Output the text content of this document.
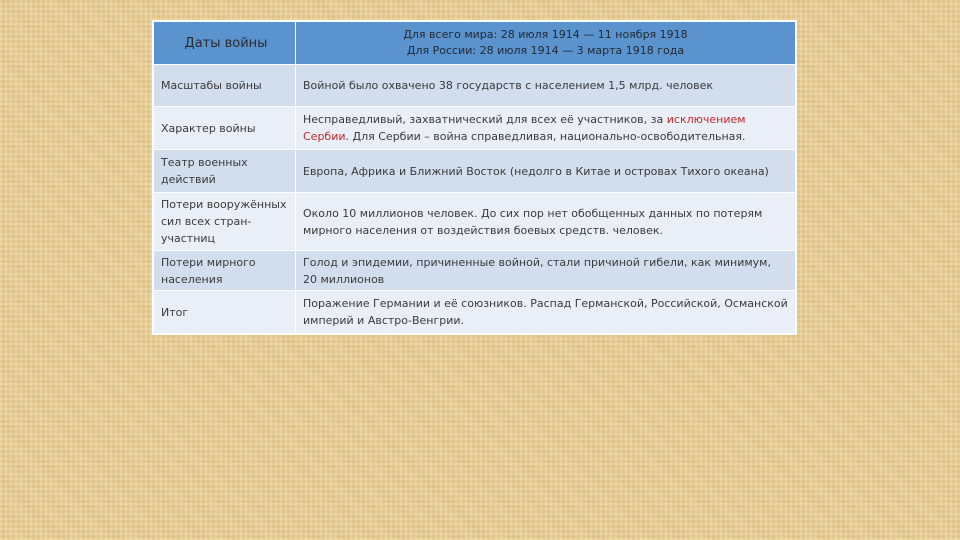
Даты войны	Для всего мира: 28 июля 1914 — 11 ноября 1918
Для России: 28 июля 1914 — 3 марта 1918 года

Масштабы войны	Войной было охвачено 38 государств с населением 1,5 млрд. человек
Характер войны	Несправедливый, захватнический для всех её участников, за исключением Сербии. Для Сербии – война справедливая, национально-освободительная.
Театр военных действий	Европа, Африка и Ближний Восток (недолго в Китае и островах Тихого океана)
Потери вооружённых сил всех стран-участниц	Около 10 миллионов человек. До сих пор нет обобщенных данных по потерям мирного населения от воздействия боевых средств. человек.
Потери мирного населения	Голод и эпидемии, причиненные войной, стали причиной гибели, как минимум, 20 миллионов
Итог	Поражение Германии и её союзников. Распад Германской, Российской, Османской империй и Австро-Венгрии.
